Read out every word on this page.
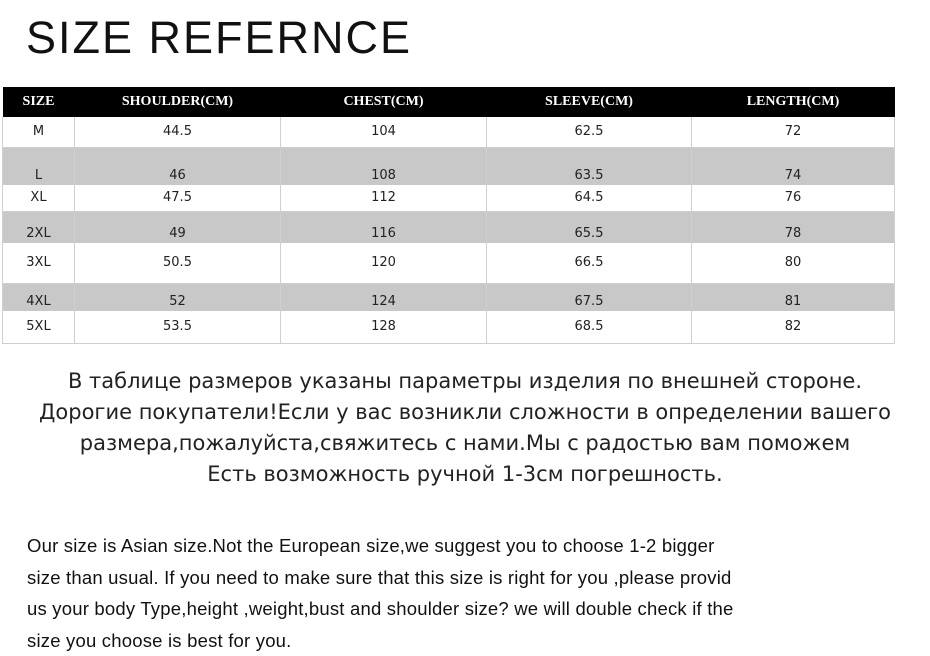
SIZE REFERNCE
SIZE	SHOULDER(CM)	CHEST(CM)	SLEEVE(CM)	LENGTH(CM)
M	44.5	104	62.5	72
L	46	108	63.5	74
XL	47.5	112	64.5	76
2XL	49	116	65.5	78
3XL	50.5	120	66.5	80
4XL	52	124	67.5	81
5XL	53.5	128	68.5	82
В таблице размеров указаны параметры изделия по внешней стороне.
Дорогие покупатели!Если у вас возникли сложности в определении вашего
размера,пожалуйста,свяжитесь с нами.Мы с радостью вам поможем
Есть возможность ручной 1-3см погрешность.
Our size is Asian size.Not the European size,we suggest you to choose 1-2 bigger
size than usual. If you need to make sure that this size is right for you ,please provid
us your body Type,height ,weight,bust and shoulder size? we will double check if the
size you choose is best for you.
